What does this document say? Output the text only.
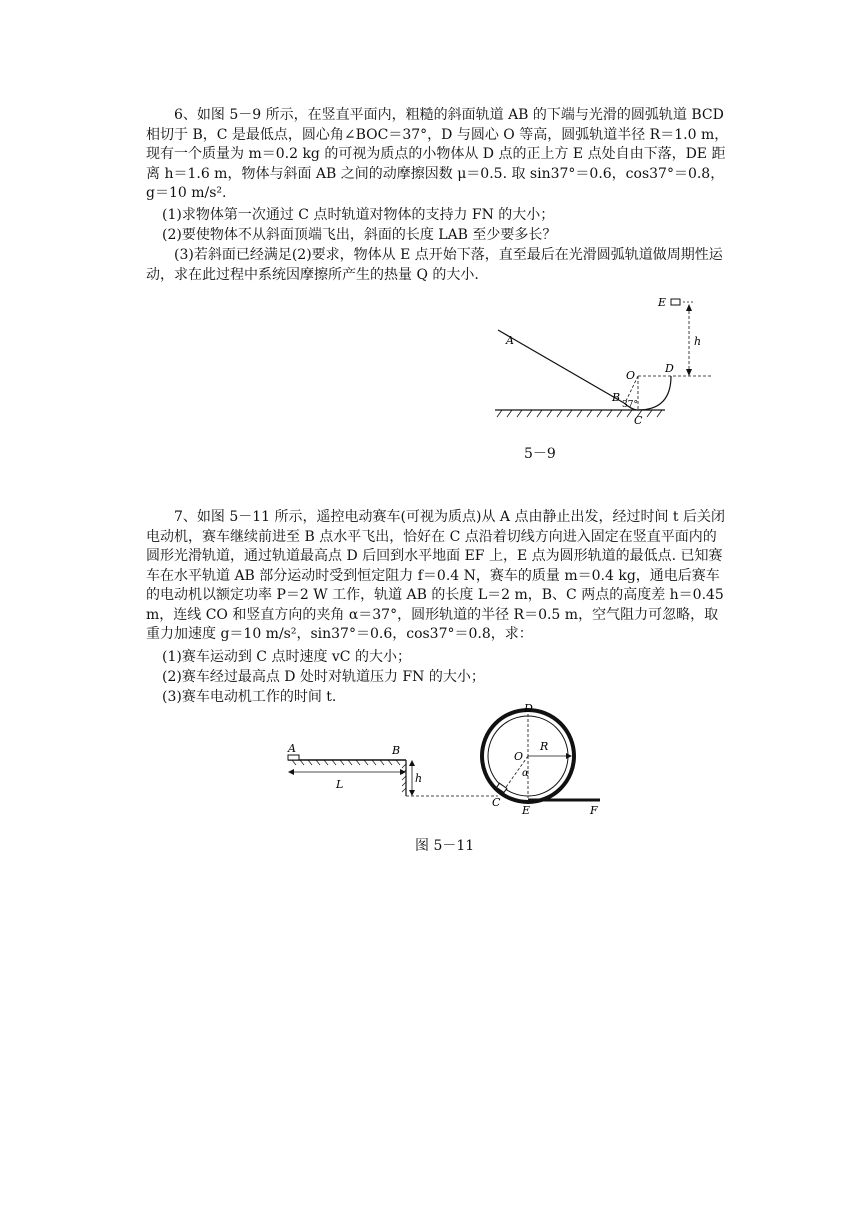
6、如图 5－9 所示，在竖直平面内，粗糙的斜面轨道 AB 的下端与光滑的圆弧轨道 BCD 相切于 B，C 是最低点，圆心角∠BOC＝37°，D 与圆心 O 等高，圆弧轨道半径 R＝1.0 m，现有一个质量为 m＝0.2 kg 的可视为质点的小物体从 D 点的正上方 E 点处自由下落，DE 距离 h＝1.6 m，物体与斜面 AB 之间的动摩擦因数 μ＝0.5. 取 sin37°＝0.6，cos37°＝0.8，g＝10 m/s².
(1)求物体第一次通过 C 点时轨道对物体的支持力 FN 的大小；
(2)要使物体不从斜面顶端飞出，斜面的长度 LAB 至少要多长？
(3)若斜面已经满足(2)要求，物体从 E 点开始下落，直至最后在光滑圆弧轨道做周期性运动，求在此过程中系统因摩擦所产生的热量 Q 的大小.
A
B
C
D
E
O
h
37°
5－9
7、如图 5－11 所示，遥控电动赛车(可视为质点)从 A 点由静止出发，经过时间 t 后关闭电动机，赛车继续前进至 B 点水平飞出，恰好在 C 点沿着切线方向进入固定在竖直平面内的圆形光滑轨道，通过轨道最高点 D 后回到水平地面 EF 上，E 点为圆形轨道的最低点. 已知赛车在水平轨道 AB 部分运动时受到恒定阻力 f＝0.4 N，赛车的质量 m＝0.4 kg，通电后赛车的电动机以额定功率 P＝2 W 工作，轨道 AB 的长度 L＝2 m，B、C 两点的高度差 h＝0.45 m，连线 CO 和竖直方向的夹角 α＝37°，圆形轨道的半径 R＝0.5 m，空气阻力可忽略，取重力加速度 g＝10 m/s²，sin37°＝0.6，cos37°＝0.8，求：
(1)赛车运动到 C 点时速度 vC 的大小；
(2)赛车经过最高点 D 处时对轨道压力 FN 的大小；
(3)赛车电动机工作的时间 t.
A	B
C
D
E	F
O
R
L	h	α
图 5－11
